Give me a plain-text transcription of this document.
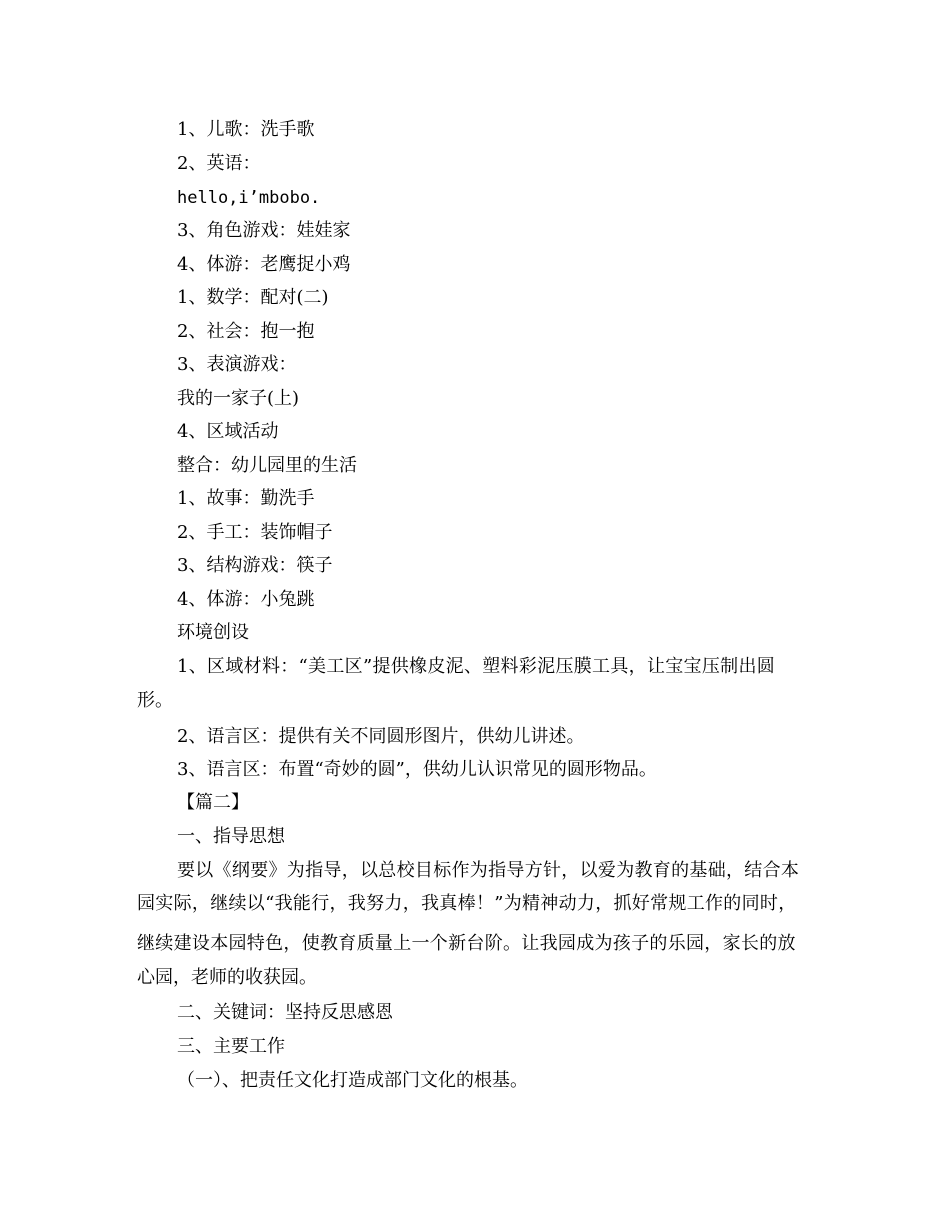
1、儿歌：洗手歌
2、英语：
hello,i’mbobo.
3、角色游戏：娃娃家
4、体游：老鹰捉小鸡
1、数学：配对(二)
2、社会：抱一抱
3、表演游戏：
我的一家子(上)
4、区域活动
整合：幼儿园里的生活
1、故事：勤洗手
2、手工：装饰帽子
3、结构游戏：筷子
4、体游：小兔跳
环境创设
1、区域材料：“美工区”提供橡皮泥、塑料彩泥压膜工具，让宝宝压制出圆
形。
2、语言区：提供有关不同圆形图片，供幼儿讲述。
3、语言区：布置“奇妙的圆”，供幼儿认识常见的圆形物品。
【篇二】
一、指导思想
要以《纲要》为指导，以总校目标作为指导方针，以爱为教育的基础，结合本
园实际，继续以“我能行，我努力，我真棒！”为精神动力，抓好常规工作的同时，
继续建设本园特色，使教育质量上一个新台阶。让我园成为孩子的乐园，家长的放
心园，老师的收获园。
二、关键词：坚持反思感恩
三、主要工作
（一）、把责任文化打造成部门文化的根基。
